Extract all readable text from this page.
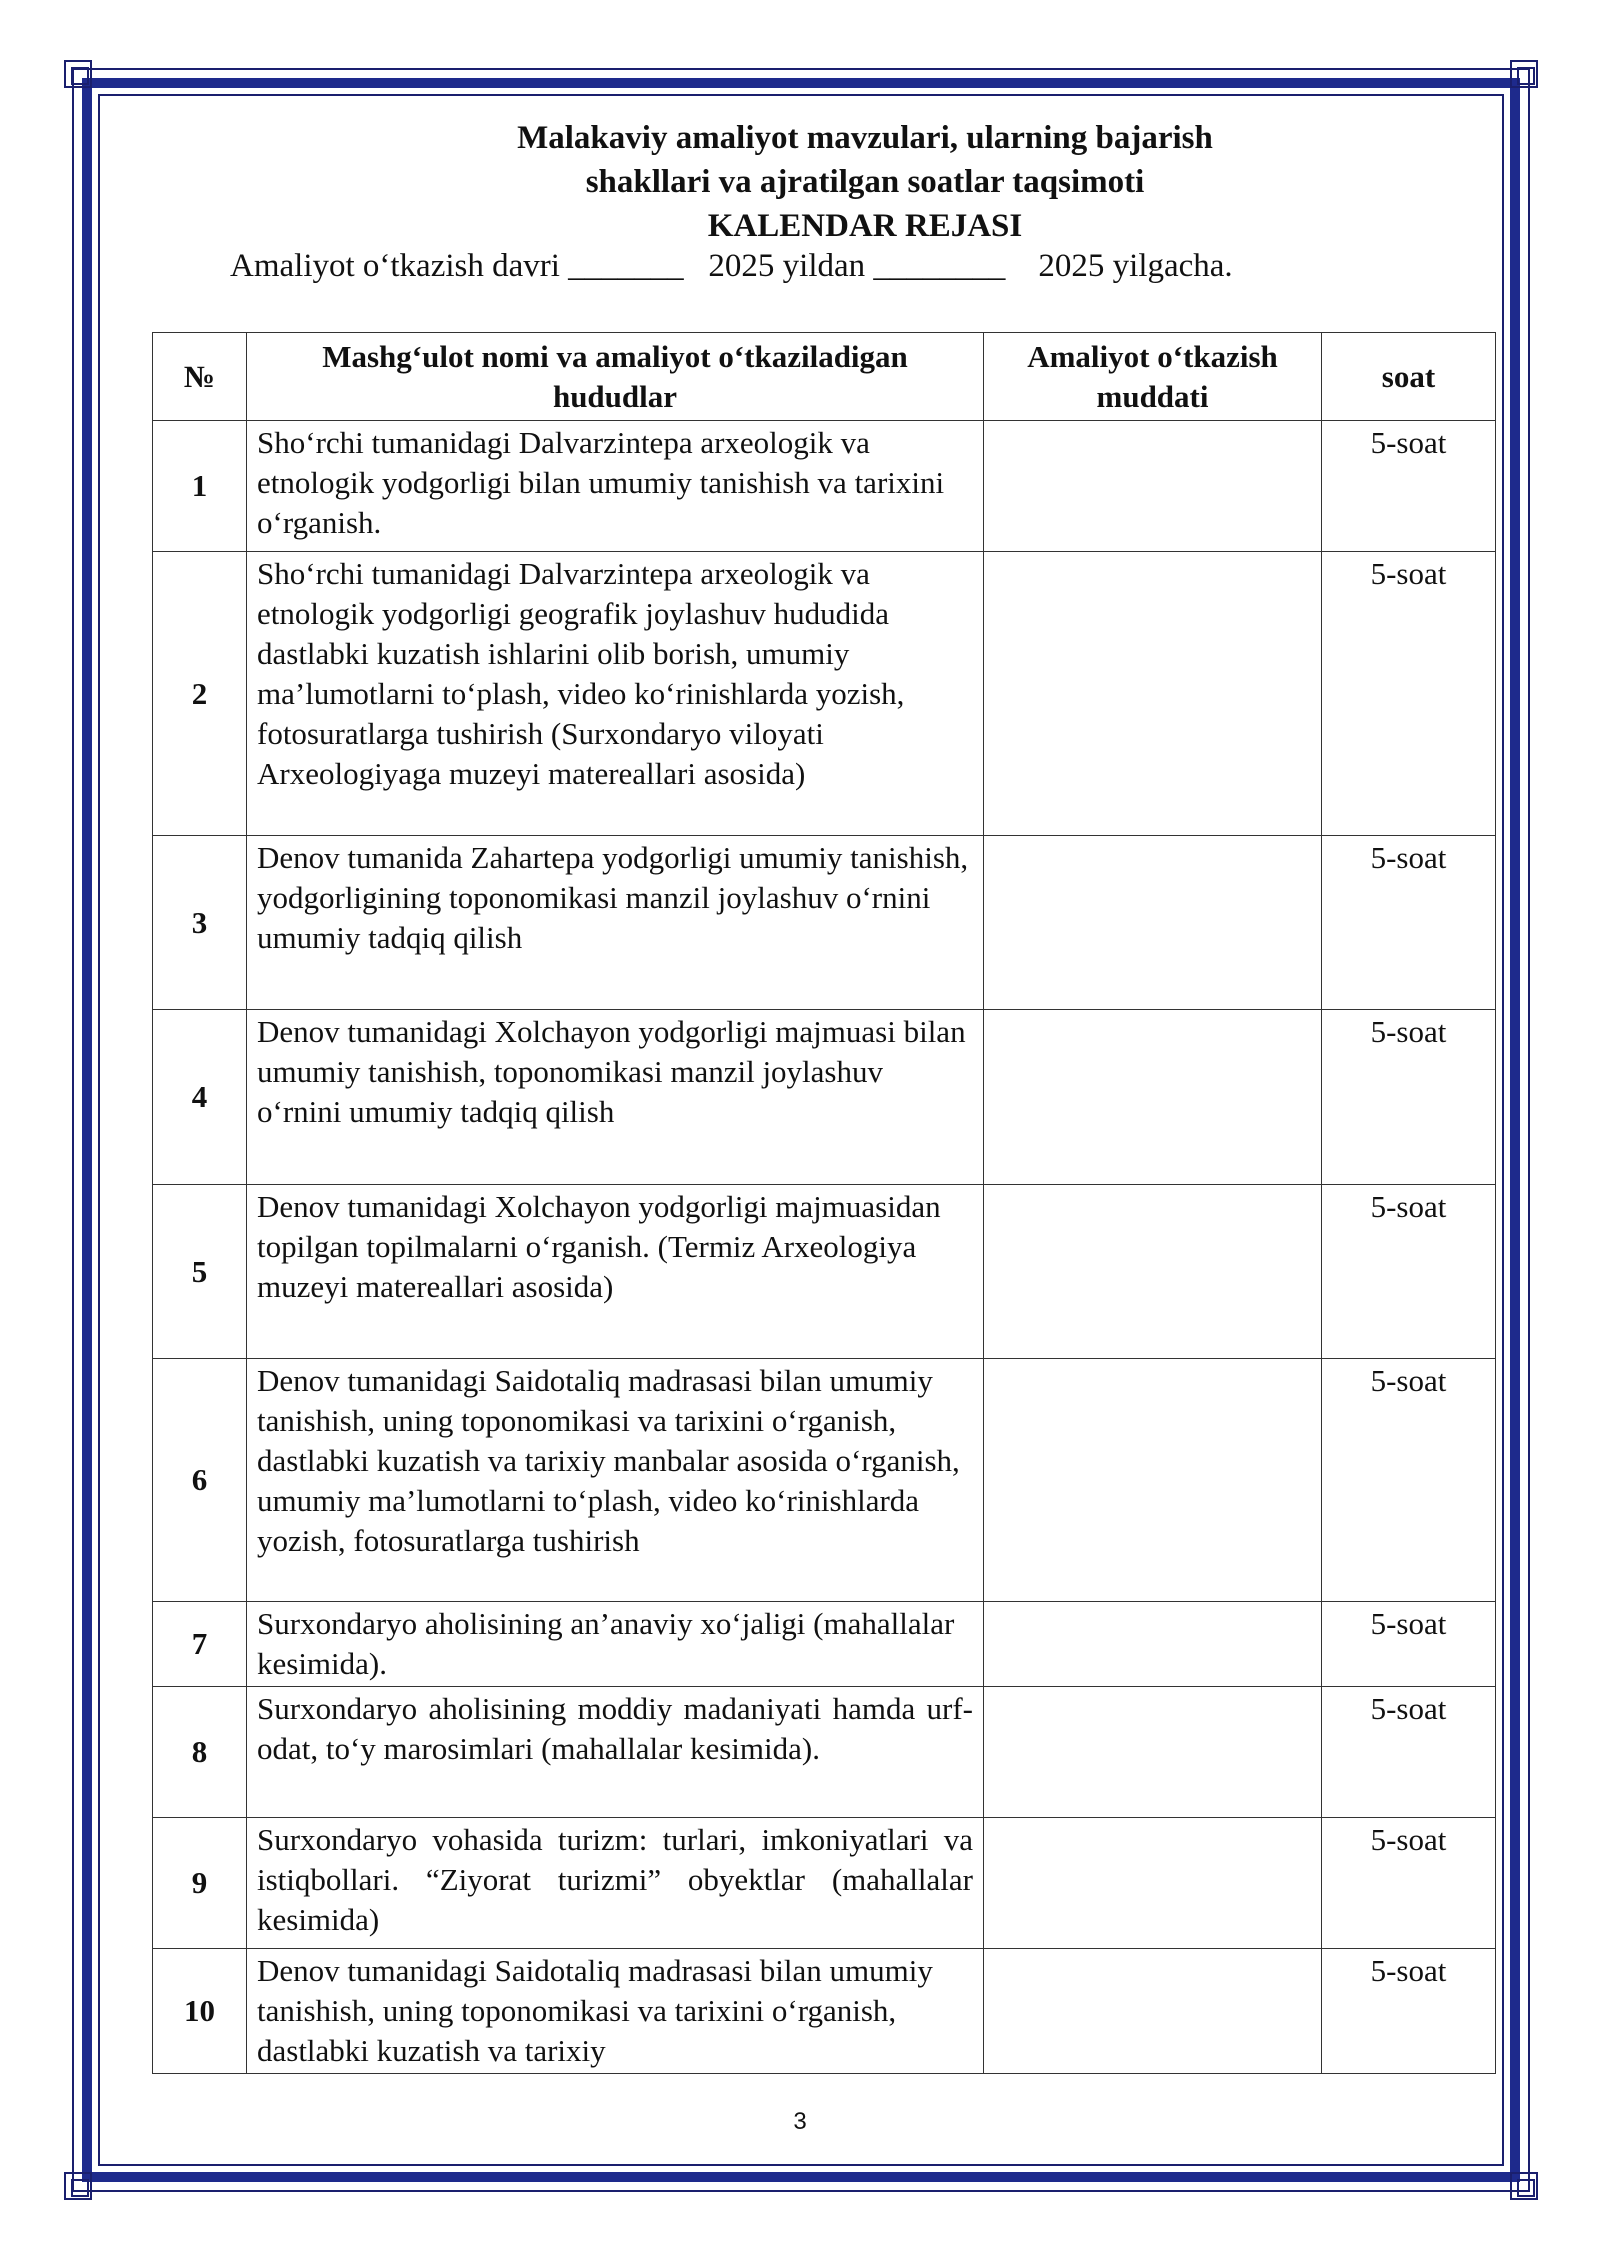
Malakaviy amaliyot mavzulari, ularning bajarish
shakllari va ajratilgan soatlar taqsimoti
KALENDAR REJASI
Amaliyot o‘tkazish davri _______   2025 yildan ________    2025 yilgacha.
№	Mashg‘ulot nomi va amaliyot o‘tkaziladigan hududlar	Amaliyot o‘tkazish muddati	soat
1	Sho‘rchi tumanidagi Dalvarzintepa arxeologik va etnologik yodgorligi bilan umumiy tanishish va tarixini o‘rganish.		5-soat
2	Sho‘rchi tumanidagi Dalvarzintepa arxeologik va etnologik yodgorligi geografik joylashuv hududida dastlabki kuzatish ishlarini olib borish, umumiy ma’lumotlarni to‘plash, video ko‘rinishlarda yozish, fotosuratlarga tushirish (Surxondaryo viloyati Arxeologiyaga muzeyi matereallari asosida)		5-soat
3	Denov tumanida Zahartepa yodgorligi umumiy tanishish, yodgorligining toponomikasi manzil joylashuv o‘rnini umumiy tadqiq qilish		5-soat
4	Denov tumanidagi Xolchayon yodgorligi majmuasi bilan umumiy tanishish, toponomikasi manzil joylashuv o‘rnini umumiy tadqiq qilish		5-soat
5	Denov tumanidagi Xolchayon yodgorligi majmuasidan topilgan topilmalarni o‘rganish. (Termiz Arxeologiya muzeyi matereallari asosida)		5-soat
6	Denov tumanidagi Saidotaliq madrasasi bilan umumiy tanishish, uning toponomikasi va tarixini o‘rganish, dastlabki kuzatish va tarixiy manbalar asosida o‘rganish, umumiy ma’lumotlarni to‘plash, video ko‘rinishlarda yozish, fotosuratlarga tushirish		5-soat
7	Surxondaryo aholisining an’anaviy xo‘jaligi (mahallalar kesimida).		5-soat
8	Surxondaryo aholisining moddiy madaniyati hamda urf-odat, to‘y marosimlari (mahallalar kesimida).		5-soat
9	Surxondaryo vohasida turizm: turlari, imkoniyatlari va istiqbollari. “Ziyorat turizmi” obyektlar (mahallalar kesimida)		5-soat
10	Denov tumanidagi Saidotaliq madrasasi bilan umumiy tanishish, uning toponomikasi va tarixini o‘rganish, dastlabki kuzatish va tarixiy		5-soat
3
